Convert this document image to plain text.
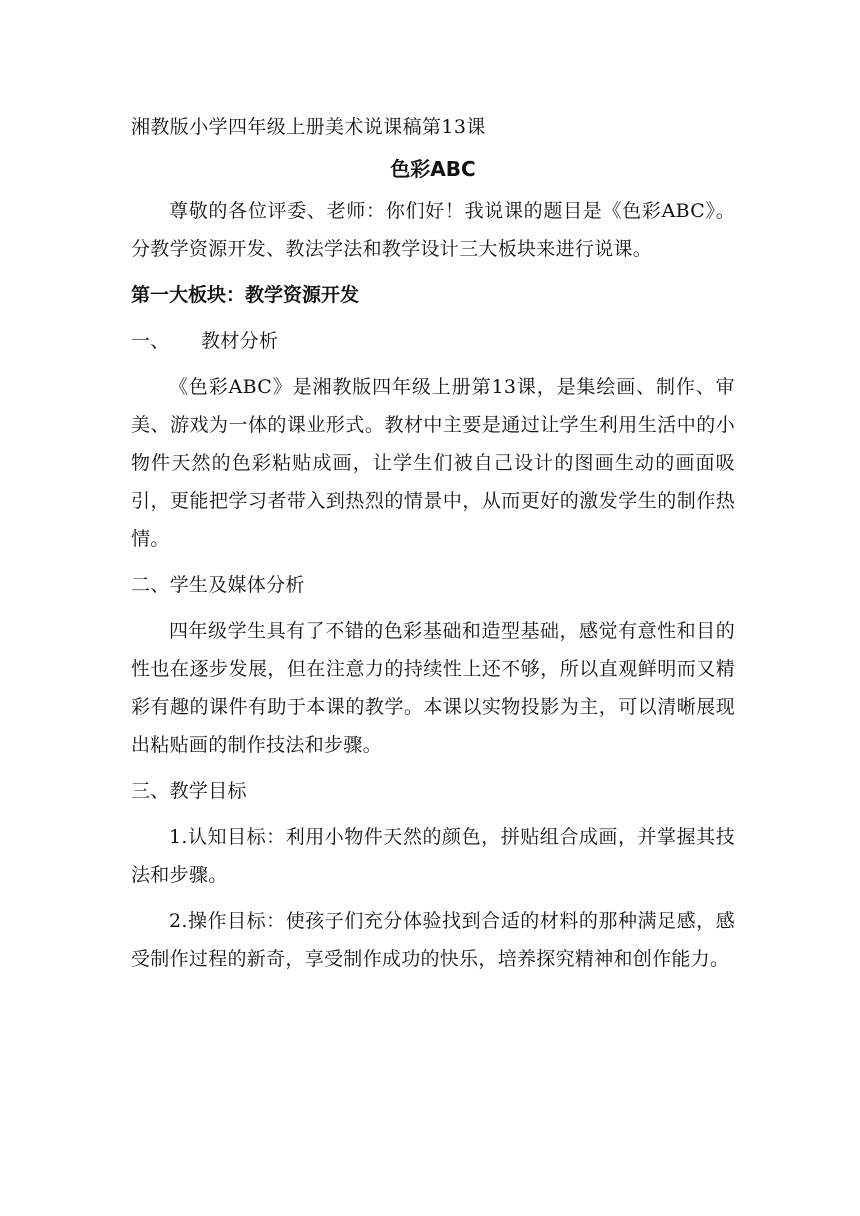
湘教版小学四年级上册美术说课稿第13课

色彩ABC

尊敬的各位评委、老师：你们好！我说课的题目是《色彩ABC》。分教学资源开发、教法学法和教学设计三大板块来进行说课。

第一大板块：教学资源开发

一、 教材分析

《色彩ABC》是湘教版四年级上册第13课，是集绘画、制作、审美、游戏为一体的课业形式。教材中主要是通过让学生利用生活中的小物件天然的色彩粘贴成画，让学生们被自己设计的图画生动的画面吸引，更能把学习者带入到热烈的情景中，从而更好的激发学生的制作热情。

二、学生及媒体分析

四年级学生具有了不错的色彩基础和造型基础，感觉有意性和目的性也在逐步发展，但在注意力的持续性上还不够，所以直观鲜明而又精彩有趣的课件有助于本课的教学。本课以实物投影为主，可以清晰展现出粘贴画的制作技法和步骤。

三、教学目标

1.认知目标：利用小物件天然的颜色，拼贴组合成画，并掌握其技法和步骤。

2.操作目标：使孩子们充分体验找到合适的材料的那种满足感，感受制作过程的新奇，享受制作成功的快乐，培养探究精神和创作能力。
